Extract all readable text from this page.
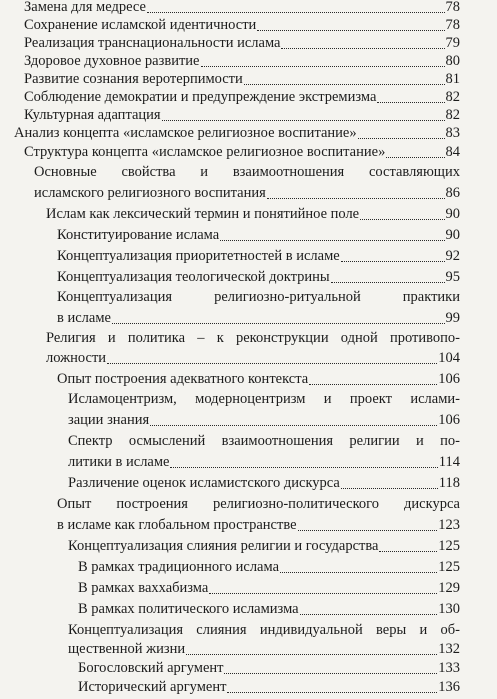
Замена для медресе	78
Сохранение исламской идентичности	78
Реализация транснациональности ислама	79
Здоровое духовное развитие	80
Развитие сознания веротерпимости	81
Соблюдение демократии и предупреждение экстремизма	82
Культурная адаптация	82
Анализ концепта «исламское религиозное воспитание»	83
Структура концепта «исламское религиозное воспитание»	84
Основные свойства и взаимоотношения составляющих
исламского религиозного воспитания	86
Ислам как лексический термин и понятийное поле	90
Конституирование ислама	90
Концептуализация приоритетностей в исламе	92
Концептуализация теологической доктрины	95
Концептуализация религиозно-ритуальной практики
в исламе	99
Религия и политика – к реконструкции одной противопо-
ложности	104
Опыт построения адекватного контекста	106
Исламоцентризм, модерноцентризм и проект ислами-
зации знания	106
Спектр осмыслений взаимоотношения религии и по-
литики в исламе	114
Различение оценок исламистского дискурса	118
Опыт построения религиозно-политического дискурса
в исламе как глобальном пространстве	123
Концептуализация слияния религии и государства	125
В рамках традиционного ислама	125
В рамках ваххабизма	129
В рамках политического исламизма	130
Концептуализация слияния индивидуальной веры и об-
щественной жизни	132
Богословский аргумент	133
Исторический аргумент	136
